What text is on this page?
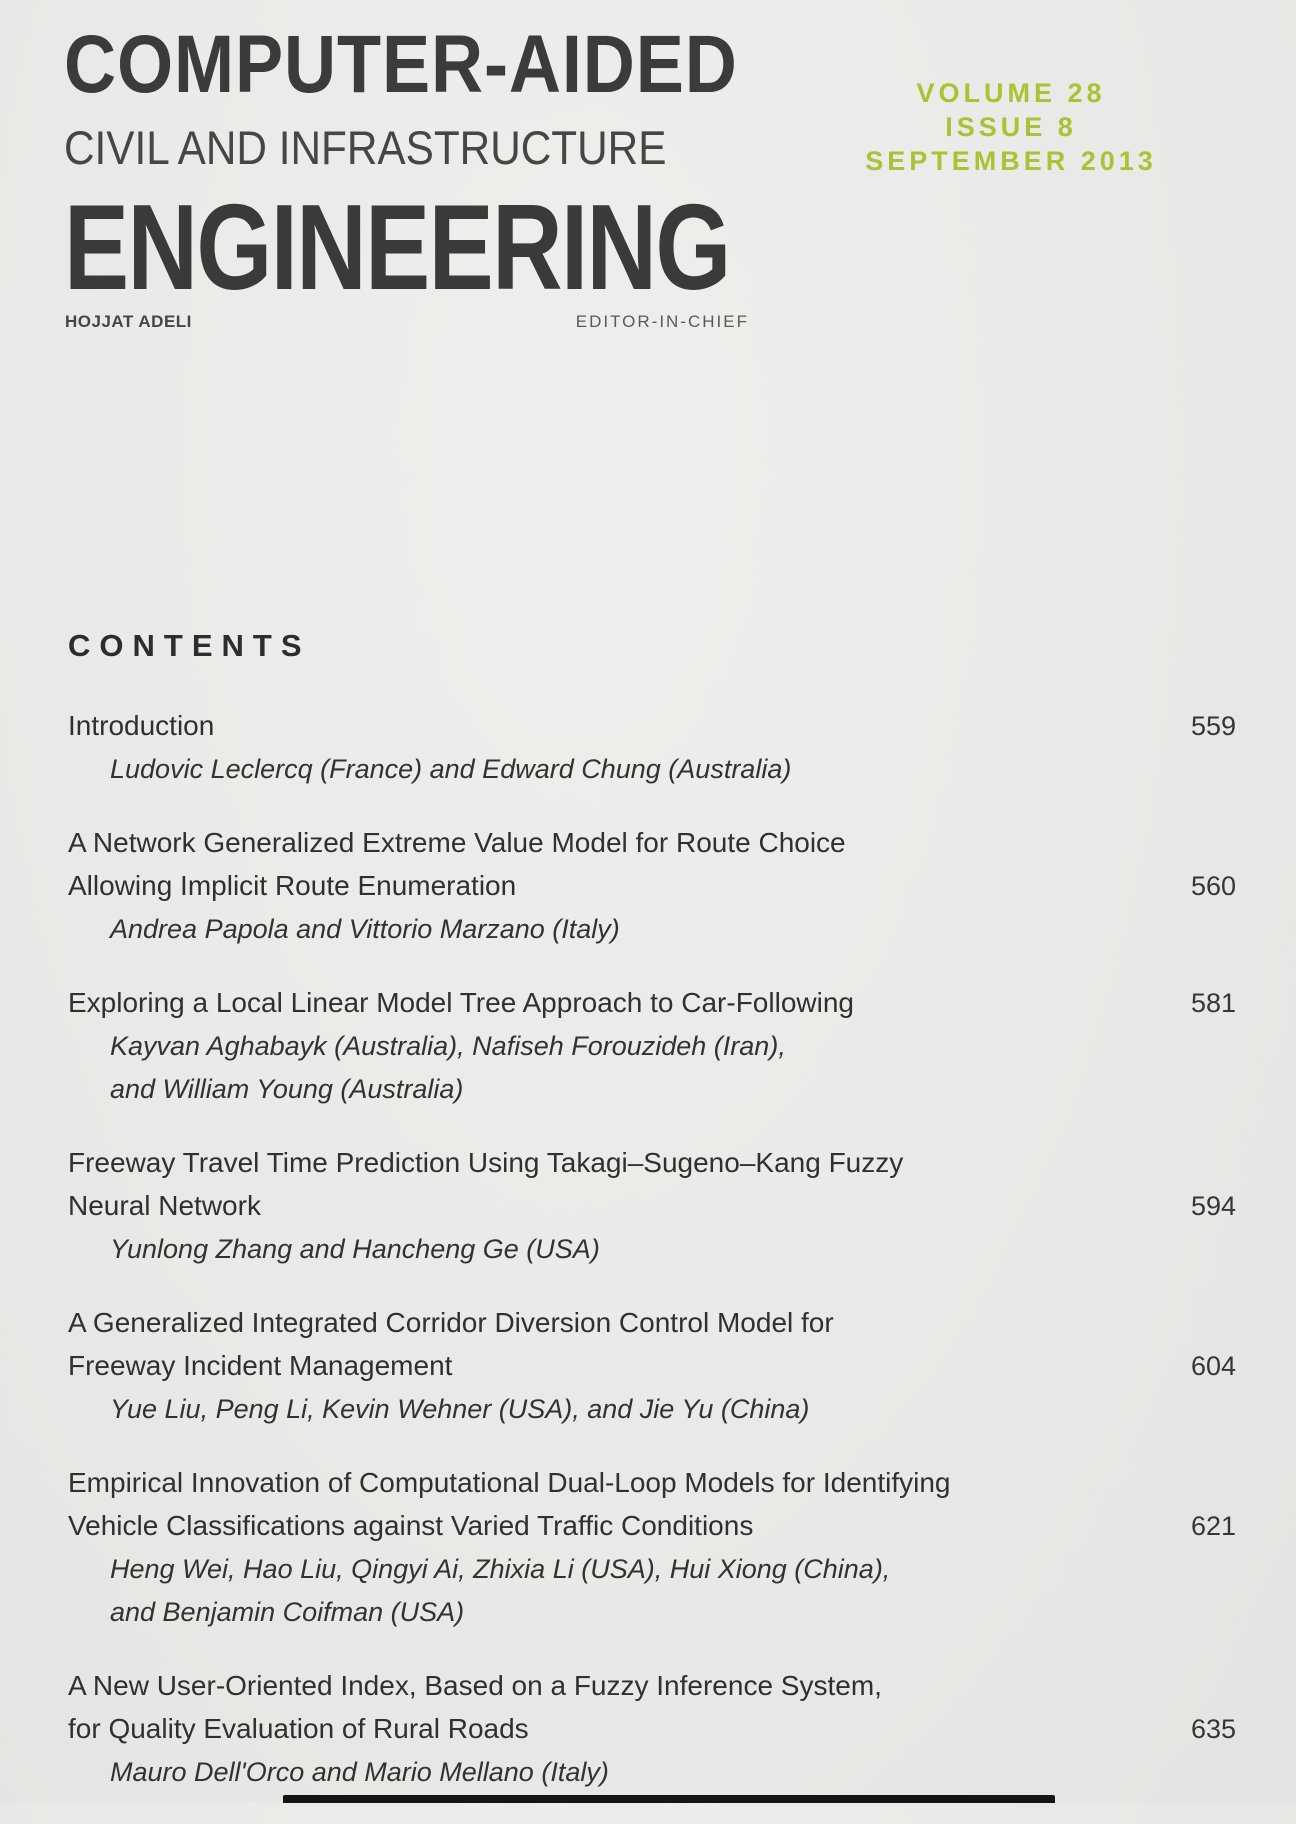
COMPUTER-AIDED
CIVIL AND INFRASTRUCTURE
ENGINEERING
HOJJAT ADELI	EDITOR-IN-CHIEF
VOLUME 28
ISSUE 8
SEPTEMBER 2013
CONTENTS
Introduction	559
Ludovic Leclercq (France) and Edward Chung (Australia)
A Network Generalized Extreme Value Model for Route Choice
Allowing Implicit Route Enumeration	560
Andrea Papola and Vittorio Marzano (Italy)
Exploring a Local Linear Model Tree Approach to Car-Following	581
Kayvan Aghabayk (Australia), Nafiseh Forouzideh (Iran),
and William Young (Australia)
Freeway Travel Time Prediction Using Takagi–Sugeno–Kang Fuzzy
Neural Network	594
Yunlong Zhang and Hancheng Ge (USA)
A Generalized Integrated Corridor Diversion Control Model for
Freeway Incident Management	604
Yue Liu, Peng Li, Kevin Wehner (USA), and Jie Yu (China)
Empirical Innovation of Computational Dual-Loop Models for Identifying
Vehicle Classifications against Varied Traffic Conditions	621
Heng Wei, Hao Liu, Qingyi Ai, Zhixia Li (USA), Hui Xiong (China),
and Benjamin Coifman (USA)
A New User-Oriented Index, Based on a Fuzzy Inference System,
for Quality Evaluation of Rural Roads	635
Mauro Dell'Orco and Mario Mellano (Italy)
